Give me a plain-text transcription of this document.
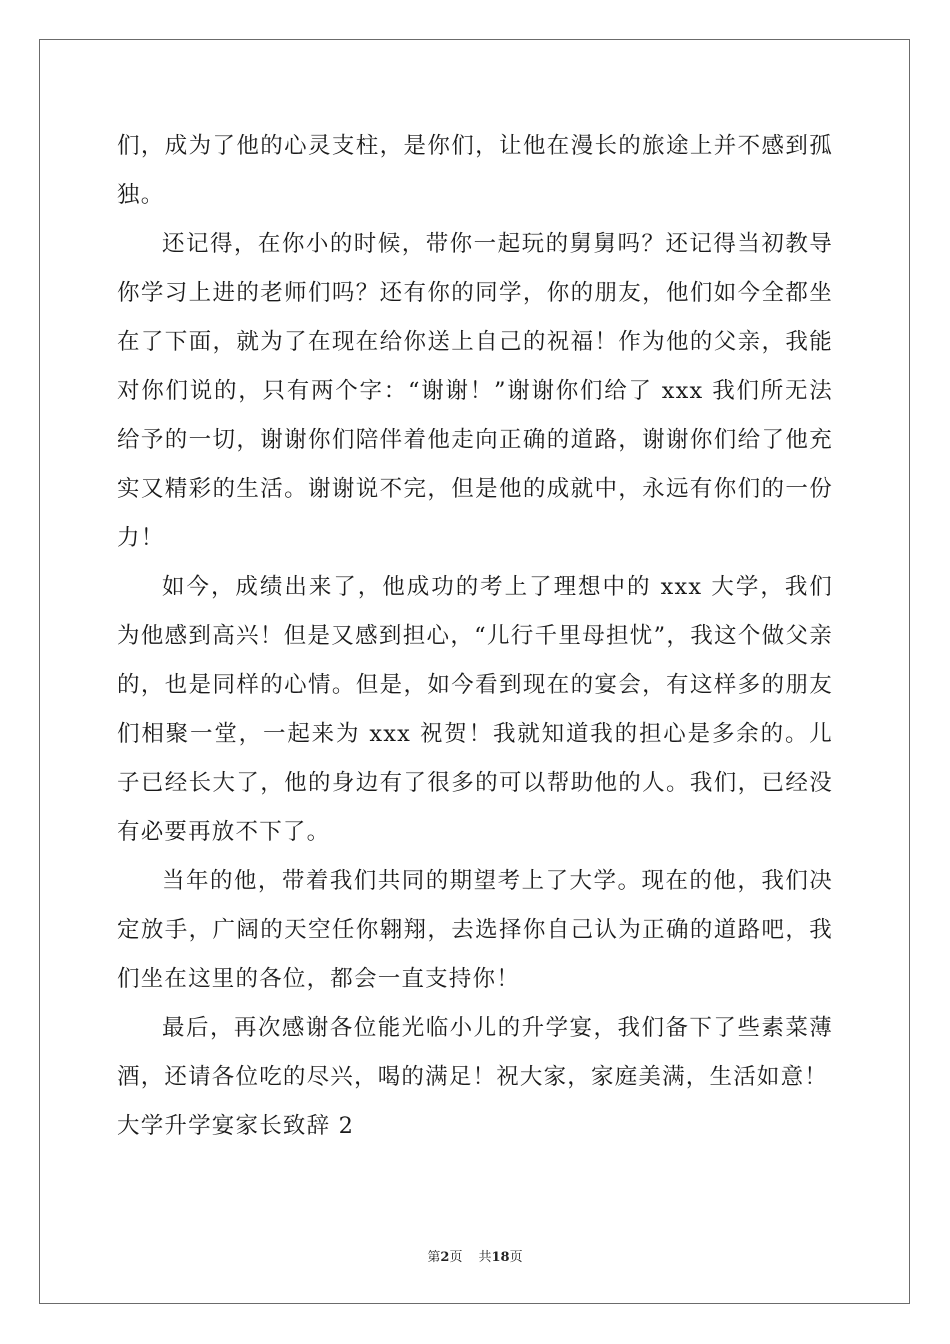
们，成为了他的心灵支柱，是你们，让他在漫长的旅途上并不感到孤独。

还记得，在你小的时候，带你一起玩的舅舅吗？还记得当初教导你学习上进的老师们吗？还有你的同学，你的朋友，他们如今全都坐在了下面，就为了在现在给你送上自己的祝福！作为他的父亲，我能对你们说的，只有两个字：“谢谢！”谢谢你们给了 xxx 我们所无法给予的一切，谢谢你们陪伴着他走向正确的道路，谢谢你们给了他充实又精彩的生活。谢谢说不完，但是他的成就中，永远有你们的一份力！

如今，成绩出来了，他成功的考上了理想中的 xxx 大学，我们为他感到高兴！但是又感到担心，“儿行千里母担忧”，我这个做父亲的，也是同样的心情。但是，如今看到现在的宴会，有这样多的朋友们相聚一堂，一起来为 xxx 祝贺！我就知道我的担心是多余的。儿子已经长大了，他的身边有了很多的可以帮助他的人。我们，已经没有必要再放不下了。

当年的他，带着我们共同的期望考上了大学。现在的他，我们决定放手，广阔的天空任你翱翔，去选择你自己认为正确的道路吧，我们坐在这里的各位，都会一直支持你！

最后，再次感谢各位能光临小儿的升学宴，我们备下了些素菜薄酒，还请各位吃的尽兴，喝的满足！祝大家，家庭美满，生活如意！

大学升学宴家长致辞 2

第2页 共18页
